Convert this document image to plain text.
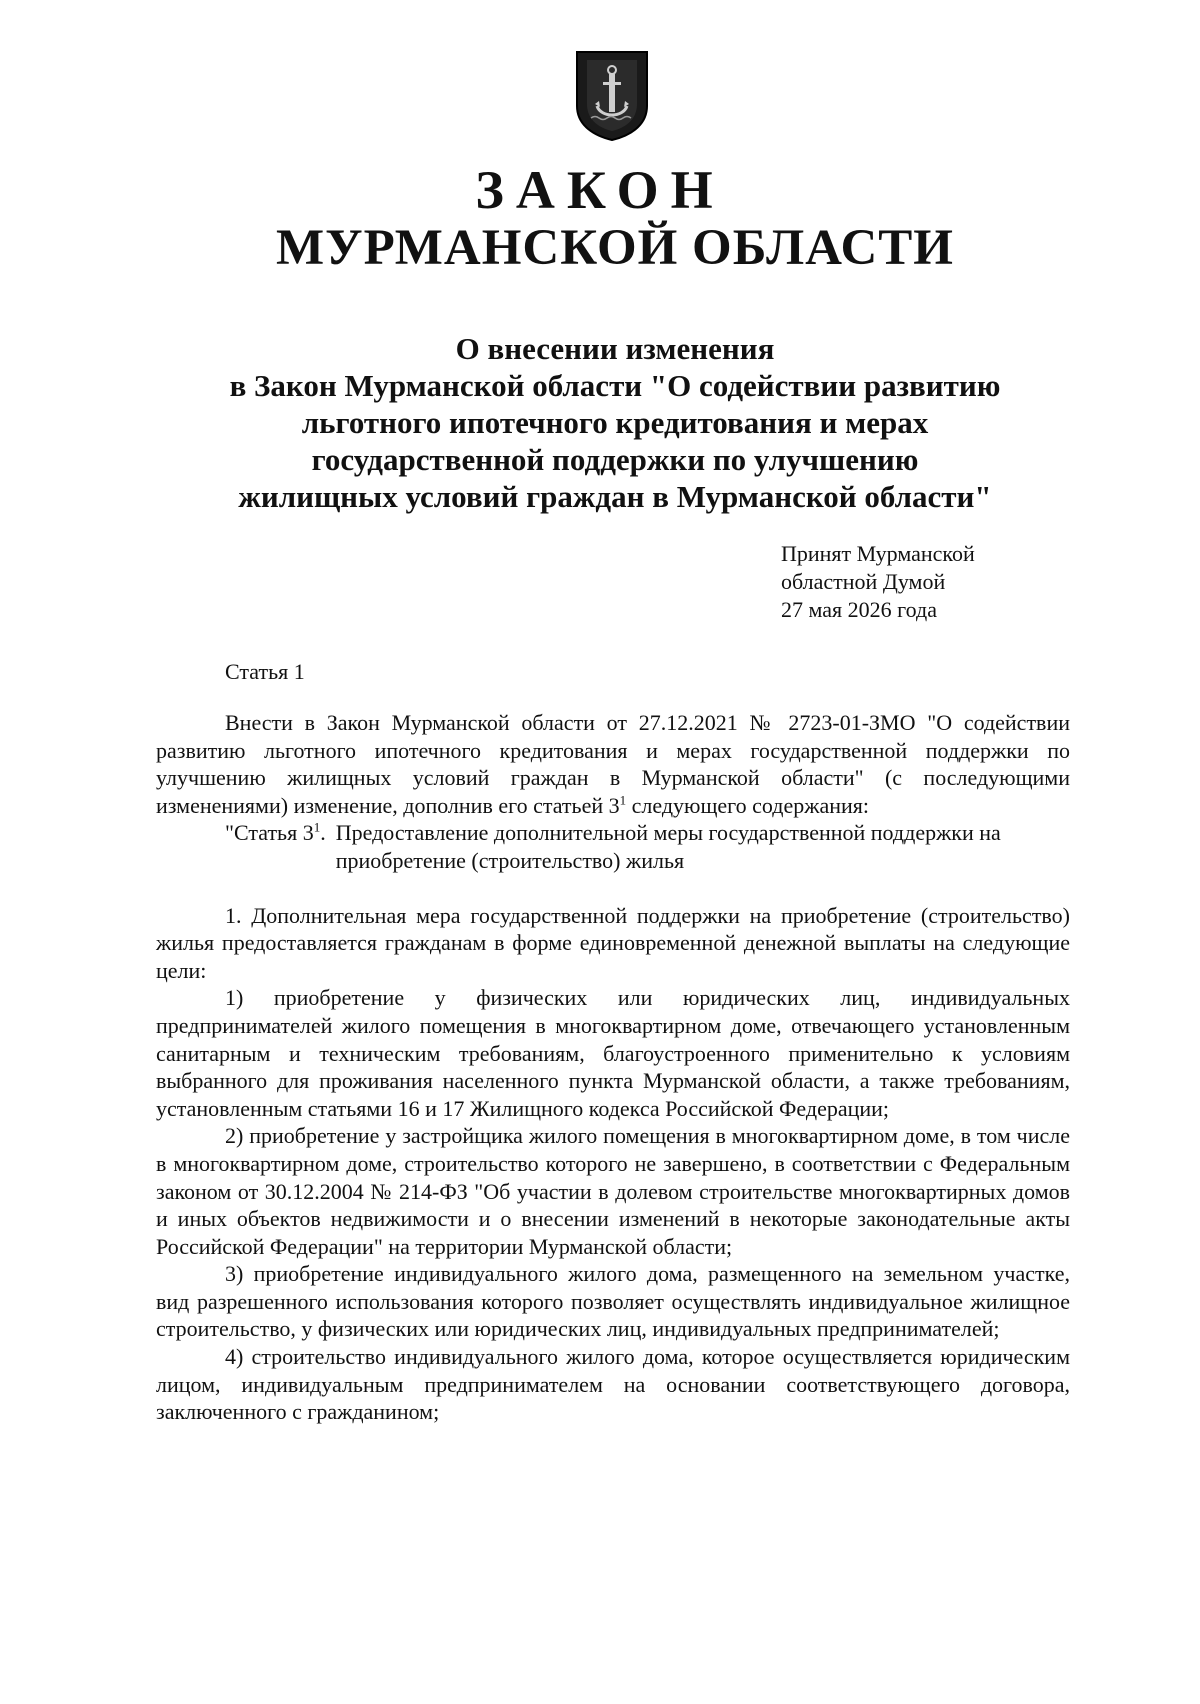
ЗАКОН
МУРМАНСКОЙ ОБЛАСТИ
О внесении изменения
в Закон Мурманской области "О содействии развитию
льготного ипотечного кредитования и мерах
государственной поддержки по улучшению
жилищных условий граждан в Мурманской области"
Принят Мурманской
областной Думой
27 мая 2026 года
Статья 1

Внести в Закон Мурманской области от 27.12.2021 № 2723-01-ЗМО "О содействии развитию льготного ипотечного кредитования и мерах государственной поддержки по улучшению жилищных условий граждан в Мурманской области" (с последующими изменениями) изменение, дополнив его статьей $3^1$ следующего содержания:

"Статья $3^1$. Предоставление дополнительной меры государственной поддержки на приобретение (строительство) жилья

1. Дополнительная мера государственной поддержки на приобретение (строительство) жилья предоставляется гражданам в форме единовременной денежной выплаты на следующие цели:

1) приобретение у физических или юридических лиц, индивидуальных предпринимателей жилого помещения в многоквартирном доме, отвечающего установленным санитарным и техническим требованиям, благоустроенного применительно к условиям выбранного для проживания населенного пункта Мурманской области, а также требованиям, установленным статьями 16 и 17 Жилищного кодекса Российской Федерации;

2) приобретение у застройщика жилого помещения в многоквартирном доме, в том числе в многоквартирном доме, строительство которого не завершено, в соответствии с Федеральным законом от 30.12.2004 № 214-ФЗ "Об участии в долевом строительстве многоквартирных домов и иных объектов недвижимости и о внесении изменений в некоторые законодательные акты Российской Федерации" на территории Мурманской области;

3) приобретение индивидуального жилого дома, размещенного на земельном участке, вид разрешенного использования которого позволяет осуществлять индивидуальное жилищное строительство, у физических или юридических лиц, индивидуальных предпринимателей;

4) строительство индивидуального жилого дома, которое осуществляется юридическим лицом, индивидуальным предпринимателем на основании соответствующего договора, заключенного с гражданином;
